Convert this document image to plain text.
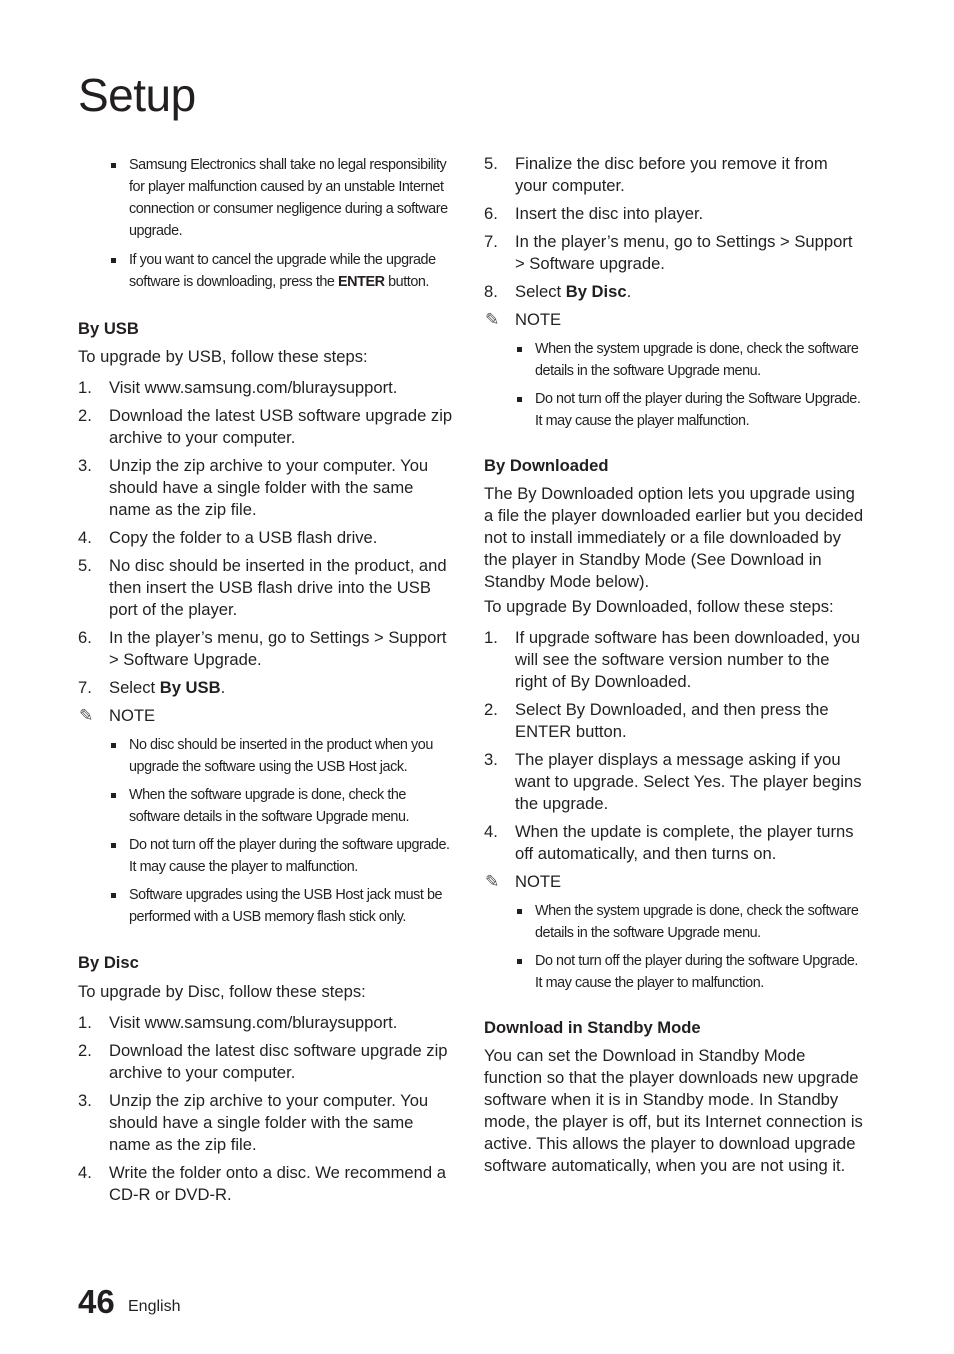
Setup
Samsung Electronics shall take no legal responsibility for player malfunction caused by an unstable Internet connection or consumer negligence during a software upgrade.
If you want to cancel the upgrade while the upgrade software is downloading, press the ENTER button.
By USB
To upgrade by USB, follow these steps:
1. Visit www.samsung.com/bluraysupport.
2. Download the latest USB software upgrade zip archive to your computer.
3. Unzip the zip archive to your computer. You should have a single folder with the same name as the zip file.
4. Copy the folder to a USB flash drive.
5. No disc should be inserted in the product, and then insert the USB flash drive into the USB port of the player.
6. In the player’s menu, go to Settings > Support > Software Upgrade.
7. Select By USB.
✎ NOTE
No disc should be inserted in the product when you upgrade the software using the USB Host jack.
When the software upgrade is done, check the software details in the software Upgrade menu.
Do not turn off the player during the software upgrade. It may cause the player to malfunction.
Software upgrades using the USB Host jack must be performed with a USB memory flash stick only.
By Disc
To upgrade by Disc, follow these steps:
1. Visit www.samsung.com/bluraysupport.
2. Download the latest disc software upgrade zip archive to your computer.
3. Unzip the zip archive to your computer. You should have a single folder with the same name as the zip file.
4. Write the folder onto a disc. We recommend a CD-R or DVD-R.
5. Finalize the disc before you remove it from your computer.
6. Insert the disc into player.
7. In the player’s menu, go to Settings > Support > Software upgrade.
8. Select By Disc.
✎ NOTE
When the system upgrade is done, check the software details in the software Upgrade menu.
Do not turn off the player during the Software Upgrade. It may cause the player malfunction.
By Downloaded
The By Downloaded option lets you upgrade using a file the player downloaded earlier but you decided not to install immediately or a file downloaded by the player in Standby Mode (See Download in Standby Mode below).
To upgrade By Downloaded, follow these steps:
1. If upgrade software has been downloaded, you will see the software version number to the right of By Downloaded.
2. Select By Downloaded, and then press the ENTER button.
3. The player displays a message asking if you want to upgrade. Select Yes. The player begins the upgrade.
4. When the update is complete, the player turns off automatically, and then turns on.
✎ NOTE
When the system upgrade is done, check the software details in the software Upgrade menu.
Do not turn off the player during the software Upgrade. It may cause the player to malfunction.
Download in Standby Mode
You can set the Download in Standby Mode function so that the player downloads new upgrade software when it is in Standby mode. In Standby mode, the player is off, but its Internet connection is active. This allows the player to download upgrade software automatically, when you are not using it.
46 English
